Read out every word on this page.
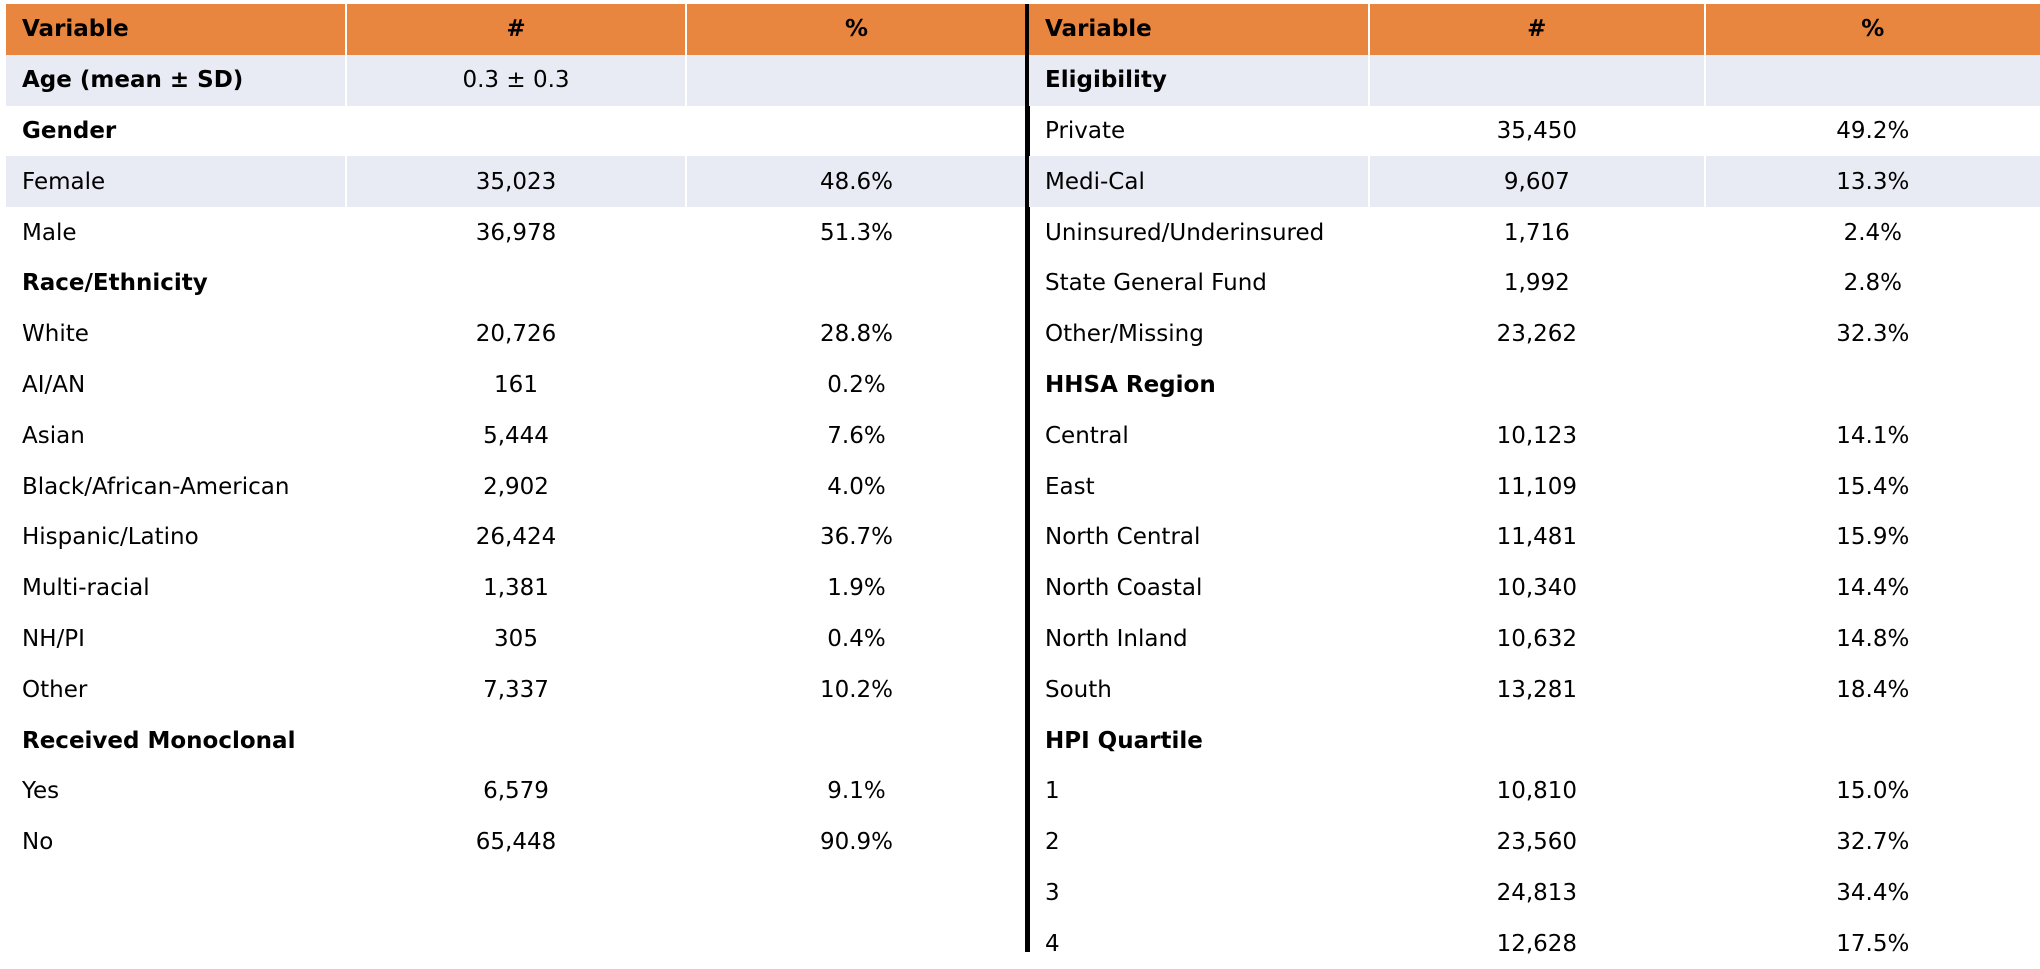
Variable	#	%
Age (mean ± SD)	0.3 ± 0.3	
Gender		
Female	35,023	48.6%
Male	36,978	51.3%
Race/Ethnicity		
White	20,726	28.8%
AI/AN	161	0.2%
Asian	5,444	7.6%
Black/African-American	2,902	4.0%
Hispanic/Latino	26,424	36.7%
Multi-racial	1,381	1.9%
NH/PI	305	0.4%
Other	7,337	10.2%
Received Monoclonal		
Yes	6,579	9.1%
No	65,448	90.9%
Variable	#	%
Eligibility		
Private	35,450	49.2%
Medi-Cal	9,607	13.3%
Uninsured/Underinsured	1,716	2.4%
State General Fund	1,992	2.8%
Other/Missing	23,262	32.3%
HHSA Region		
Central	10,123	14.1%
East	11,109	15.4%
North Central	11,481	15.9%
North Coastal	10,340	14.4%
North Inland	10,632	14.8%
South	13,281	18.4%
HPI Quartile		
1	10,810	15.0%
2	23,560	32.7%
3	24,813	34.4%
4	12,628	17.5%
